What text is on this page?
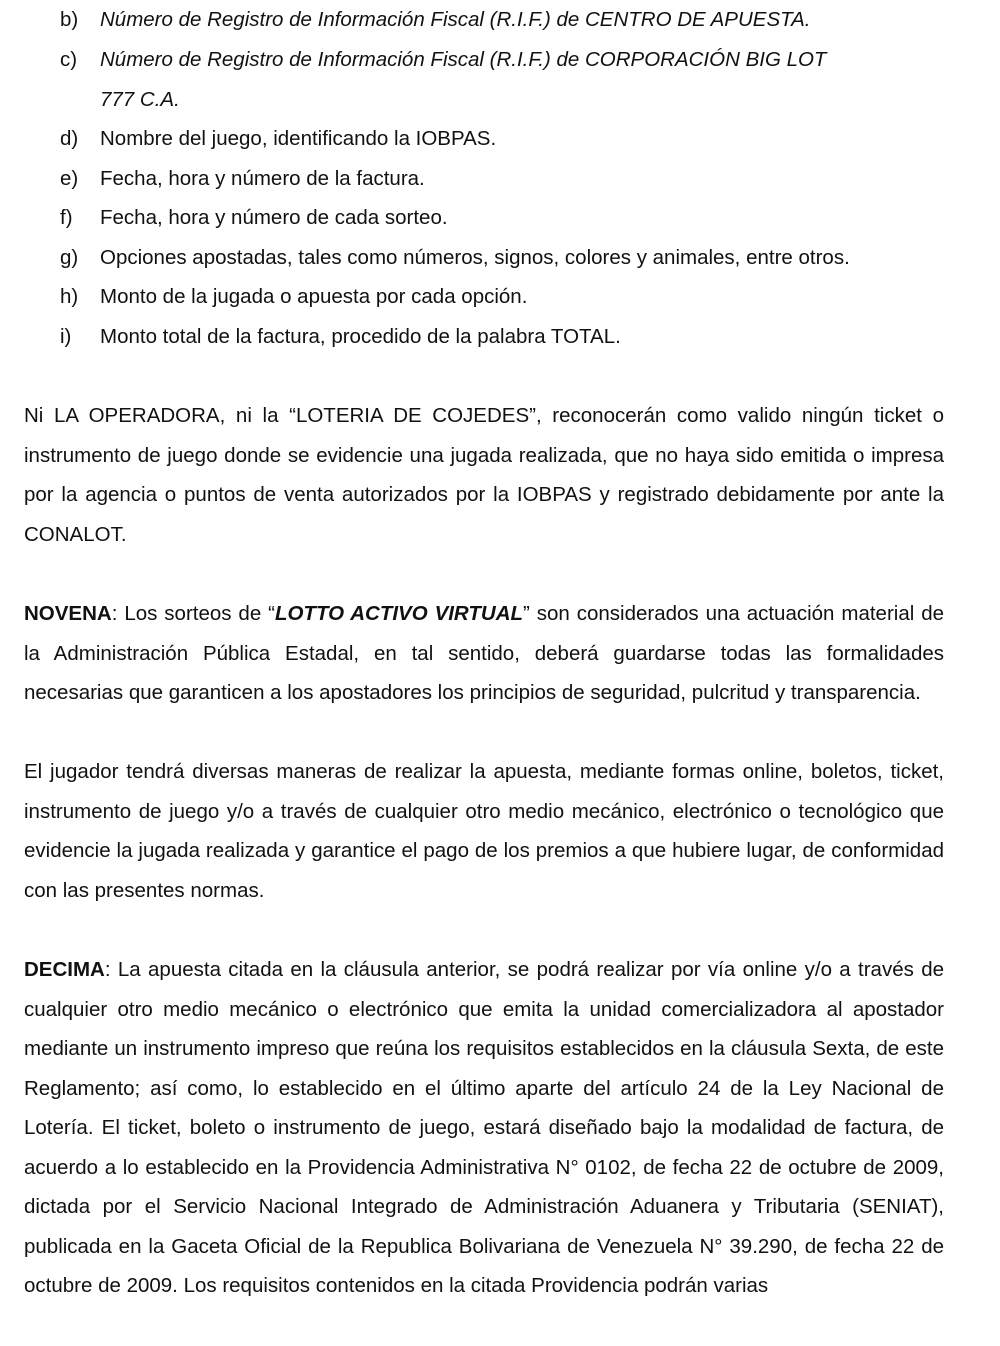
b)	Número de Registro de Información Fiscal (R.I.F.) de CENTRO DE APUESTA.
c)	Número de Registro de Información Fiscal (R.I.F.) de CORPORACIÓN BIG LOT
777 C.A.
d)	Nombre del juego, identificando la IOBPAS.
e)	Fecha, hora y número de la factura.
f)	Fecha, hora y número de cada sorteo.
g)	Opciones apostadas, tales como números, signos, colores y animales, entre otros.
h)	Monto de la jugada o apuesta por cada opción.
i)	Monto total de la factura, procedido de la palabra TOTAL.

Ni LA OPERADORA, ni la “LOTERIA DE COJEDES”, reconocerán como valido ningún ticket o instrumento de juego donde se evidencie una jugada realizada, que no haya sido emitida o impresa por la agencia o puntos de venta autorizados por la IOBPAS y registrado debidamente por ante la CONALOT.

NOVENA: Los sorteos de “LOTTO ACTIVO VIRTUAL” son considerados una actuación material de la Administración Pública Estadal, en tal sentido, deberá guardarse todas las formalidades necesarias que garanticen a los apostadores los principios de seguridad, pulcritud y transparencia.

El jugador tendrá diversas maneras de realizar la apuesta, mediante formas online, boletos, ticket, instrumento de juego y/o a través de cualquier otro medio mecánico, electrónico o tecnológico que evidencie la jugada realizada y garantice el pago de los premios a que hubiere lugar, de conformidad con las presentes normas.

DECIMA: La apuesta citada en la cláusula anterior, se podrá realizar por vía online y/o a través de cualquier otro medio mecánico o electrónico que emita la unidad comercializadora al apostador mediante un instrumento impreso que reúna los requisitos establecidos en la cláusula Sexta, de este Reglamento; así como, lo establecido en el último aparte del artículo 24 de la Ley Nacional de Lotería. El ticket, boleto o instrumento de juego, estará diseñado bajo la modalidad de factura, de acuerdo a lo establecido en la Providencia Administrativa N° 0102, de fecha 22 de octubre de 2009, dictada por el Servicio Nacional Integrado de Administración Aduanera y Tributaria (SENIAT), publicada en la Gaceta Oficial de la Republica Bolivariana de Venezuela N° 39.290, de fecha 22 de octubre de 2009. Los requisitos contenidos en la citada Providencia podrán varias
